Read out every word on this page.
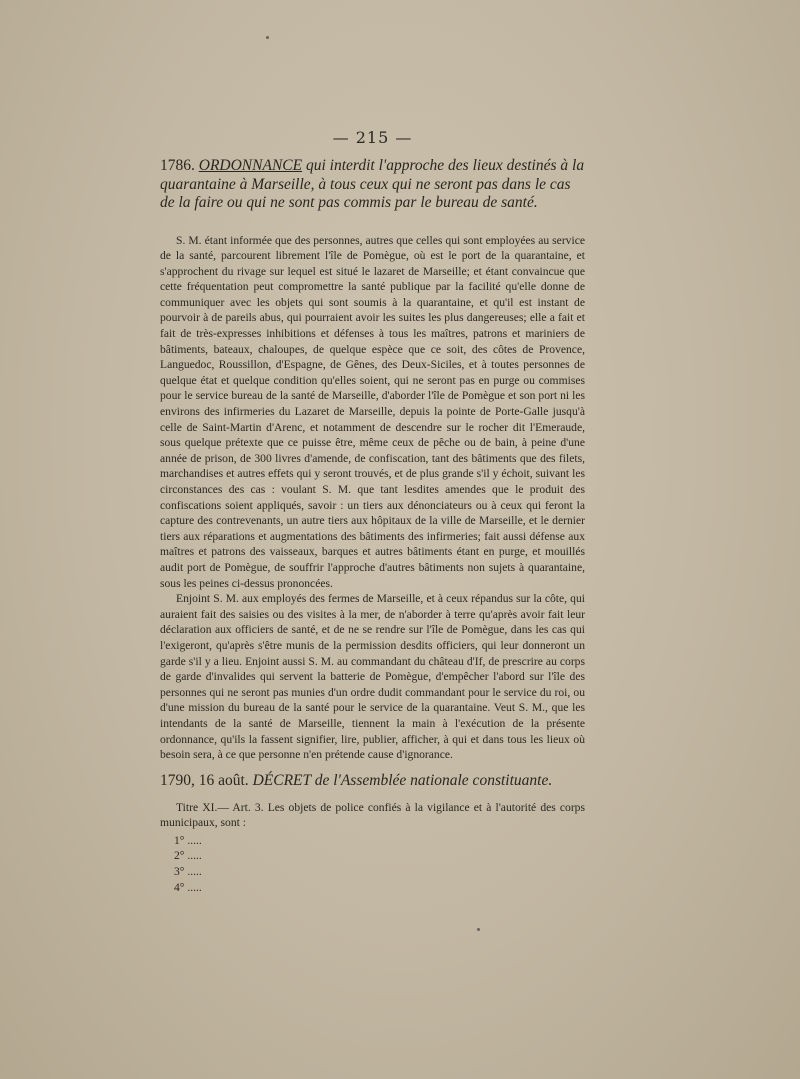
— 215 —
1786. ORDONNANCE qui interdit l'approche des lieux destinés à la quarantaine à Marseille, à tous ceux qui ne seront pas dans le cas de la faire ou qui ne sont pas commis par le bureau de santé.

S. M. étant informée que des personnes, autres que celles qui sont employées au service de la santé, parcourent librement l'île de Pomègue, où est le port de la quarantaine, et s'approchent du rivage sur lequel est situé le lazaret de Marseille; et étant convaincue que cette fréquentation peut compromettre la santé publique par la facilité qu'elle donne de communiquer avec les objets qui sont soumis à la quarantaine, et qu'il est instant de pourvoir à de pareils abus, qui pourraient avoir les suites les plus dangereuses; elle a fait et fait de très-expresses inhibitions et défenses à tous les maîtres, patrons et mariniers de bâtiments, bateaux, chaloupes, de quelque espèce que ce soit, des côtes de Provence, Languedoc, Roussillon, d'Espagne, de Gênes, des Deux-Siciles, et à toutes personnes de quelque état et quelque condition qu'elles soient, qui ne seront pas en purge ou commises pour le service bureau de la santé de Marseille, d'aborder l'île de Pomègue et son port ni les environs des infirmeries du Lazaret de Marseille, depuis la pointe de Porte-Galle jusqu'à celle de Saint-Martin d'Arenc, et notamment de descendre sur le rocher dit l'Emeraude, sous quelque prétexte que ce puisse être, même ceux de pêche ou de bain, à peine d'une année de prison, de 300 livres d'amende, de confiscation, tant des bâtiments que des filets, marchandises et autres effets qui y seront trouvés, et de plus grande s'il y échoit, suivant les circonstances des cas : voulant S. M. que tant lesdites amendes que le produit des confiscations soient appliqués, savoir : un tiers aux dénonciateurs ou à ceux qui feront la capture des contrevenants, un autre tiers aux hôpitaux de la ville de Marseille, et le dernier tiers aux réparations et augmentations des bâtiments des infirmeries; fait aussi défense aux maîtres et patrons des vaisseaux, barques et autres bâtiments étant en purge, et mouillés audit port de Pomègue, de souffrir l'approche d'autres bâtiments non sujets à quarantaine, sous les peines ci-dessus prononcées.

Enjoint S. M. aux employés des fermes de Marseille, et à ceux répandus sur la côte, qui auraient fait des saisies ou des visites à la mer, de n'aborder à terre qu'après avoir fait leur déclaration aux officiers de santé, et de ne se rendre sur l'île de Pomègue, dans les cas qui l'exigeront, qu'après s'être munis de la permission desdits officiers, qui leur donneront un garde s'il y a lieu. Enjoint aussi S. M. au commandant du château d'If, de prescrire au corps de garde d'invalides qui servent la batterie de Pomègue, d'empêcher l'abord sur l'île des personnes qui ne seront pas munies d'un ordre dudit commandant pour le service du roi, ou d'une mission du bureau de la santé pour le service de la quarantaine. Veut S. M., que les intendants de la santé de Marseille, tiennent la main à l'exécution de la présente ordonnance, qu'ils la fassent signifier, lire, publier, afficher, à qui et dans tous les lieux où besoin sera, à ce que personne n'en prétende cause d'ignorance.

1790, 16 août. DÉCRET de l'Assemblée nationale constituante.

Titre XI.— Art. 3. Les objets de police confiés à la vigilance et à l'autorité des corps municipaux, sont :

1° .....
2° .....
3° .....
4° .....
